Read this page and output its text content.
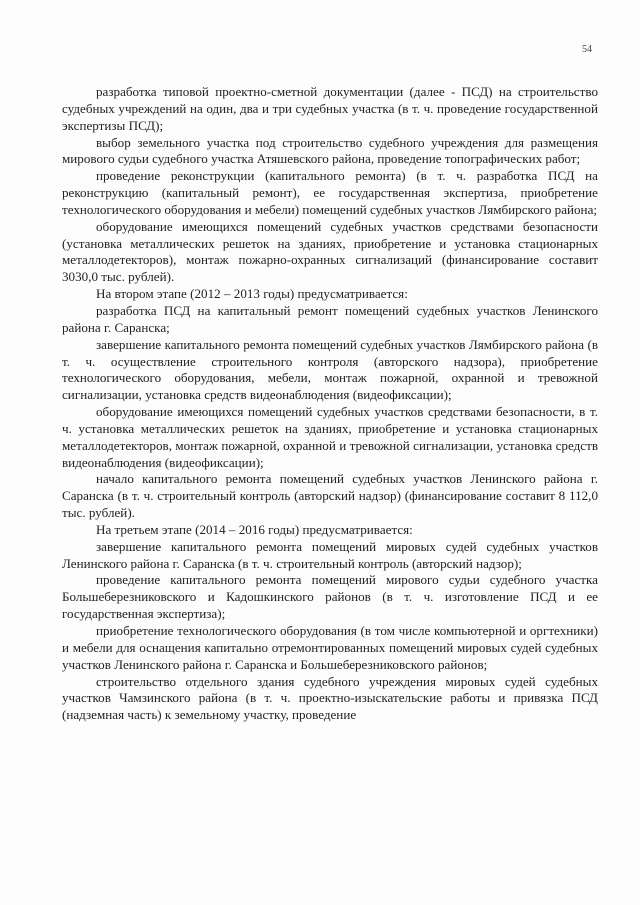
54

разработка типовой проектно-сметной документации (далее - ПСД) на строительство судебных учреждений на один, два и три судебных участка (в т. ч. проведение государственной экспертизы ПСД);

выбор земельного участка под строительство судебного учреждения для размещения мирового судьи судебного участка Атяшевского района, проведение топографических работ;

проведение реконструкции (капитального ремонта) (в т. ч. разработка ПСД на реконструкцию (капитальный ремонт), ее государственная экспертиза, приобретение технологического оборудования и мебели) помещений судебных участков Лямбирского района;

оборудование имеющихся помещений судебных участков средствами безопасности (установка металлических решеток на зданиях, приобретение и установка стационарных металлодетекторов), монтаж пожарно-охранных сигнализаций (финансирование составит 3030,0 тыс. рублей).

На втором этапе (2012 – 2013 годы) предусматривается:

разработка ПСД на капитальный ремонт помещений судебных участков Ленинского района г. Саранска;

завершение капитального ремонта помещений судебных участков Лямбирского района (в т. ч. осуществление строительного контроля (авторского надзора), приобретение технологического оборудования, мебели, монтаж пожарной, охранной и тревожной сигнализации, установка средств видеонаблюдения (видеофиксации);

оборудование имеющихся помещений судебных участков средствами безопасности, в т. ч. установка металлических решеток на зданиях, приобретение и установка стационарных металлодетекторов, монтаж пожарной, охранной и тревожной сигнализации, установка средств видеонаблюдения (видеофиксации);

начало капитального ремонта помещений судебных участков Ленинского района г. Саранска (в т. ч. строительный контроль (авторский надзор) (финансирование составит 8 112,0 тыс. рублей).

На третьем этапе (2014 – 2016 годы) предусматривается:

завершение капитального ремонта помещений мировых судей судебных участков Ленинского района г. Саранска (в т. ч. строительный контроль (авторский надзор);

проведение капитального ремонта помещений мирового судьи судебного участка Большеберезниковского и Кадошкинского районов (в т. ч. изготовление ПСД и ее государственная экспертиза);

приобретение технологического оборудования (в том числе компьютерной и оргтехники) и мебели для оснащения капитально отремонтированных помещений мировых судей судебных участков Ленинского района г. Саранска и Большеберезниковского районов;

строительство отдельного здания судебного учреждения мировых судей судебных участков Чамзинского района (в т. ч. проектно-изыскательские работы и привязка ПСД (надземная часть) к земельному участку, проведение
